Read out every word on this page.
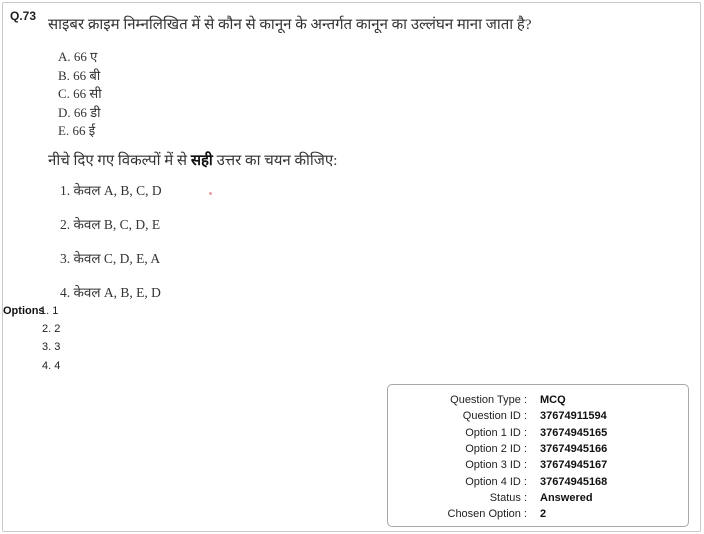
Q.73
साइबर क्राइम निम्नलिखित में से कौन से कानून के अन्तर्गत कानून का उल्लंघन माना जाता है?
A. 66 ए
B. 66 बी
C. 66 सी
D. 66 डी
E. 66 ई
नीचे दिए गए विकल्पों में से सही उत्तर का चयन कीजिए:
1. केवल A, B, C, D
2. केवल B, C, D, E
3. केवल C, D, E, A
4. केवल A, B, E, D
Options
1. 1
2. 2
3. 3
4. 4
Question Type : MCQ
Question ID : 37674911594
Option 1 ID : 37674945165
Option 2 ID : 37674945166
Option 3 ID : 37674945167
Option 4 ID : 37674945168
Status : Answered
Chosen Option : 2
